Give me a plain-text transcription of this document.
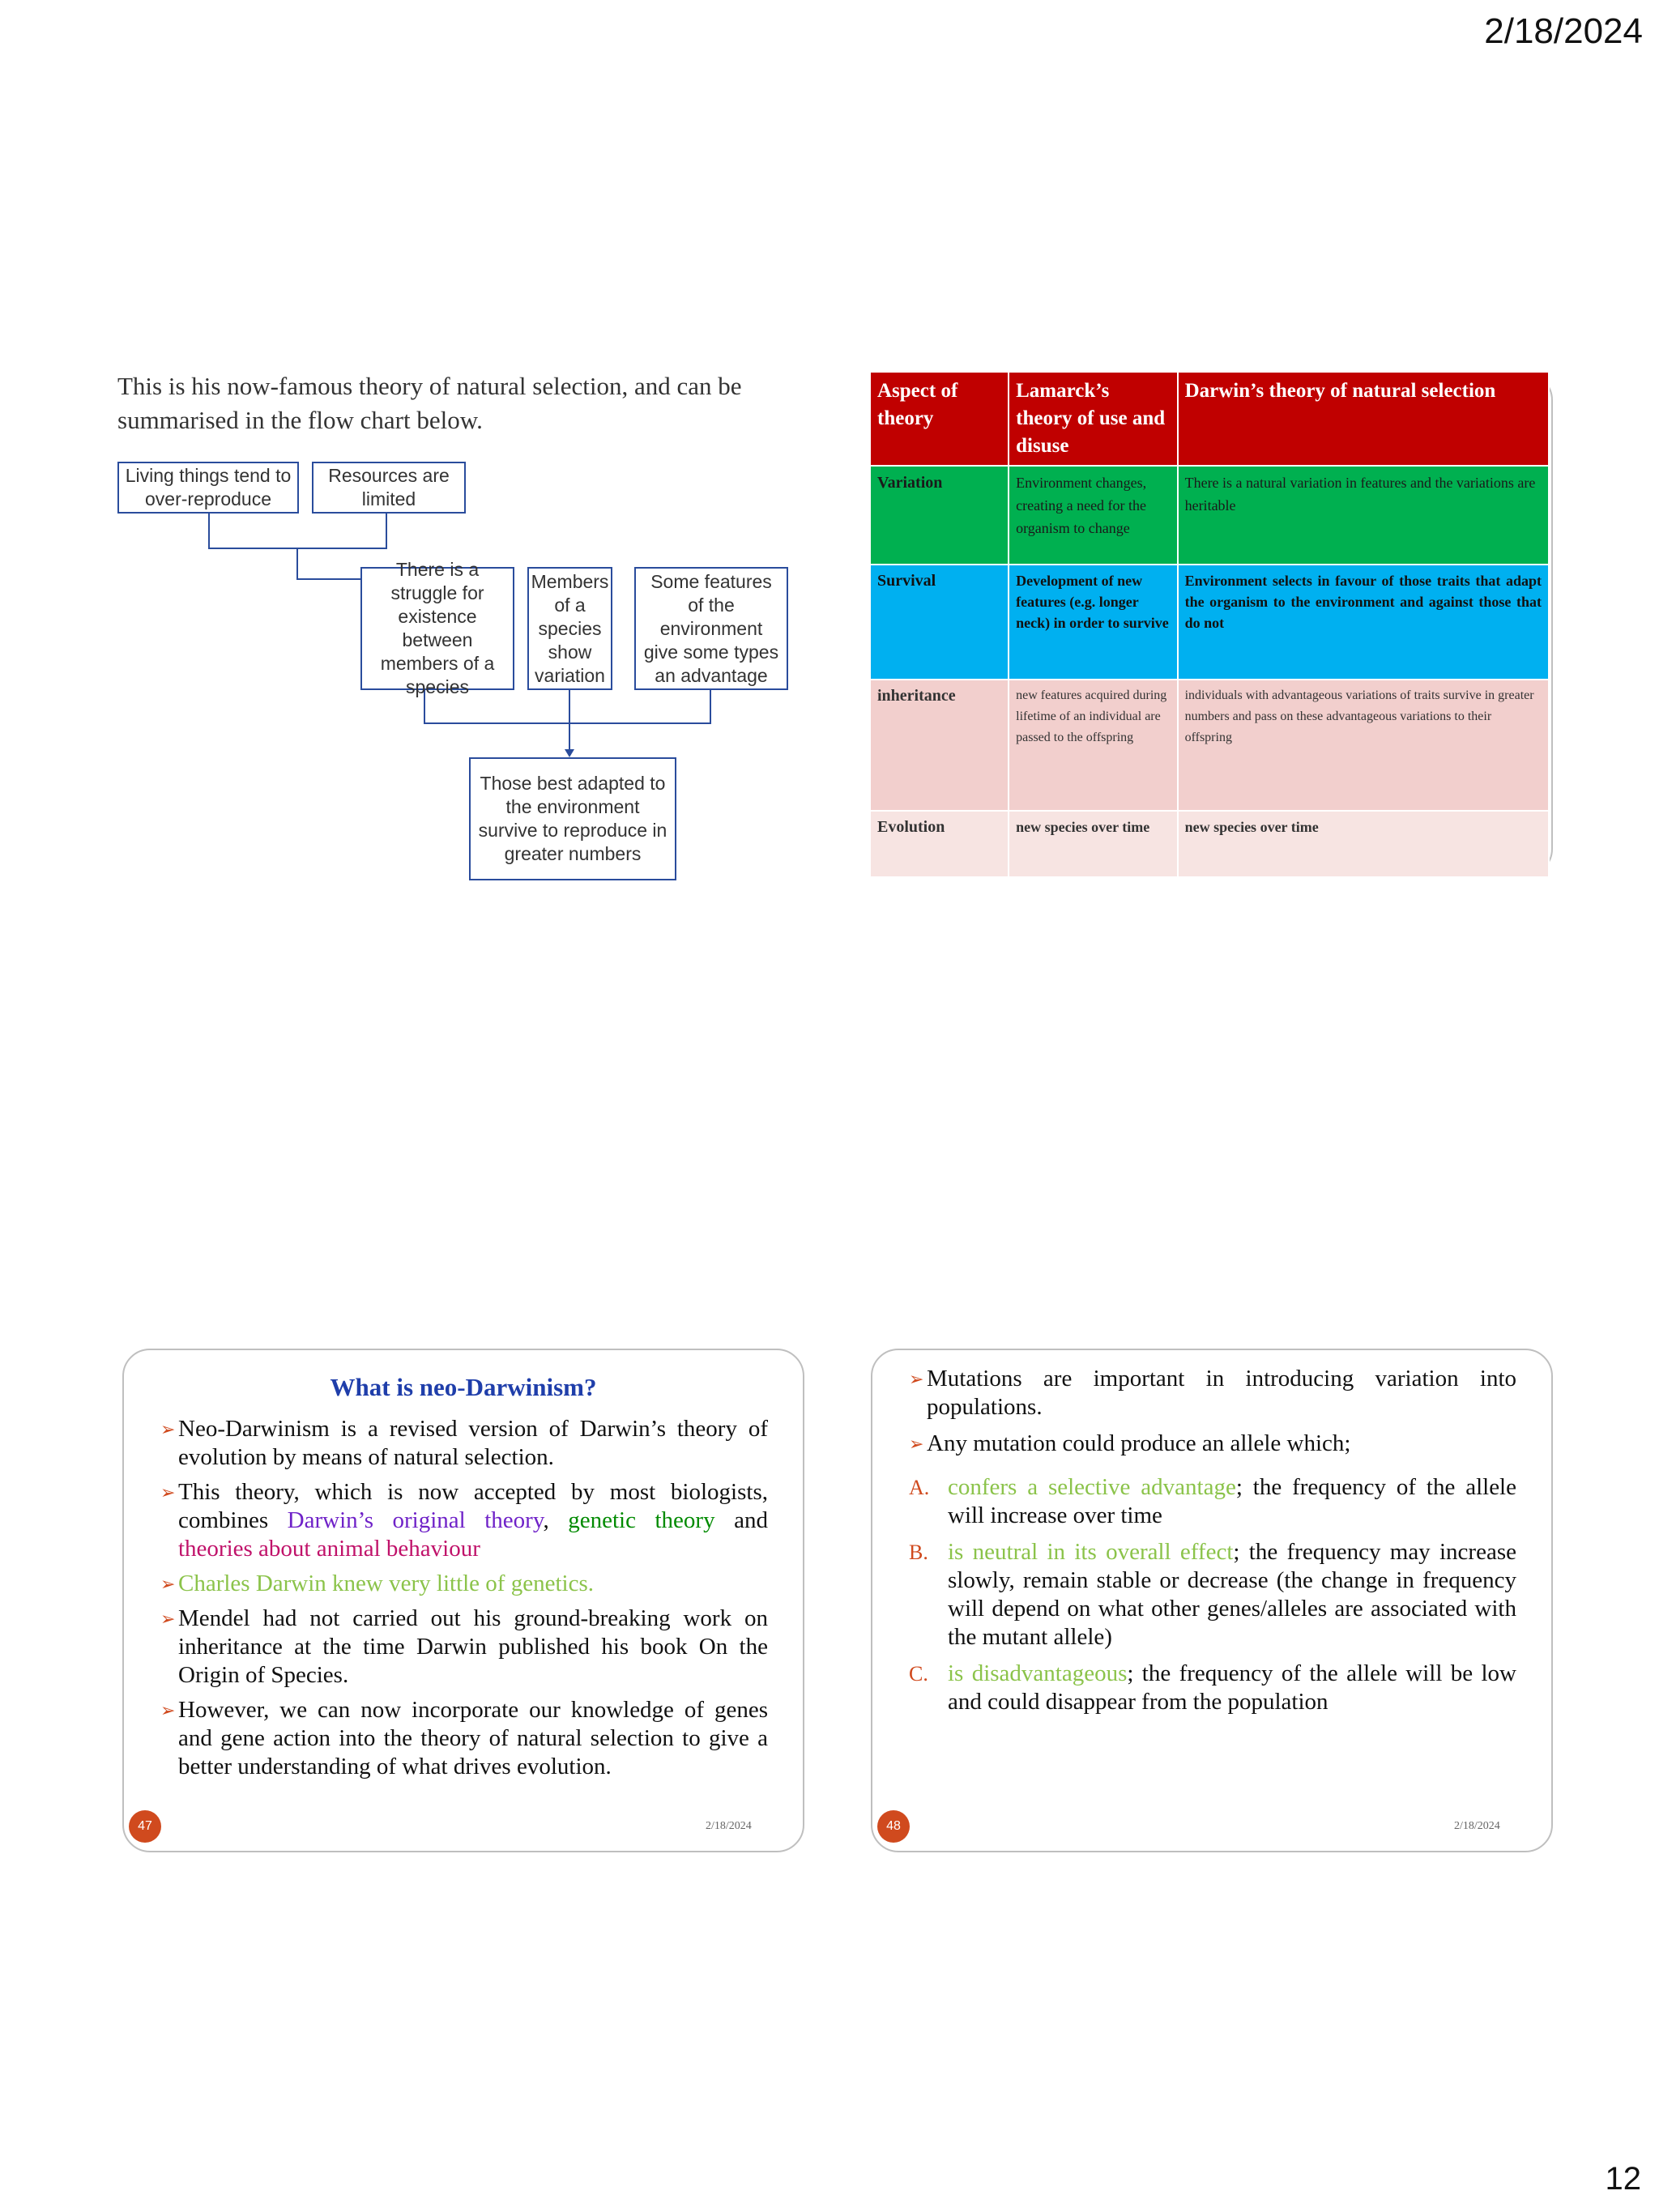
2/18/2024
12
This is his now-famous theory of natural selection, and can be summarised in the flow chart below.
Living things tend to over-reproduce
Resources are limited
There is a struggle for existence between members of a species
Members of a species show variation
Some features of the environment give some types an advantage
Those best adapted to the environment survive to reproduce in greater numbers
Aspect of theory	Lamarck’s theory of use and disuse	Darwin’s theory of natural selection
Variation	Environment changes, creating a need for the organism to change	There is a natural variation in features and the variations are heritable
Survival	Development of new features (e.g. longer neck) in order to survive	Environment selects in favour of those traits that adapt the organism to the environment and against those that do not
inheritance	new features acquired during lifetime of an individual are passed to the offspring	individuals with advantageous variations of traits survive in greater numbers and pass on these advantageous variations to their offspring
Evolution	new species over time	new species over time
What is neo-Darwinism?
➢ Neo-Darwinism is a revised version of Darwin’s theory of evolution by means of natural selection.
➢ This theory, which is now accepted by most biologists, combines Darwin’s original theory, genetic theory and theories about animal behaviour
➢ Charles Darwin knew very little of genetics.
➢ Mendel had not carried out his ground-breaking work on inheritance at the time Darwin published his book On the Origin of Species.
➢ However, we can now incorporate our knowledge of genes and gene action into the theory of natural selection to give a better understanding of what drives evolution.
47	2/18/2024
➢ Mutations are important in introducing variation into populations.
➢ Any mutation could produce an allele which;
A. confers a selective advantage; the frequency of the allele will increase over time
B. is neutral in its overall effect; the frequency may increase slowly, remain stable or decrease (the change in frequency will depend on what other genes/alleles are associated with the mutant allele)
C. is disadvantageous; the frequency of the allele will be low and could disappear from the population
48	2/18/2024
